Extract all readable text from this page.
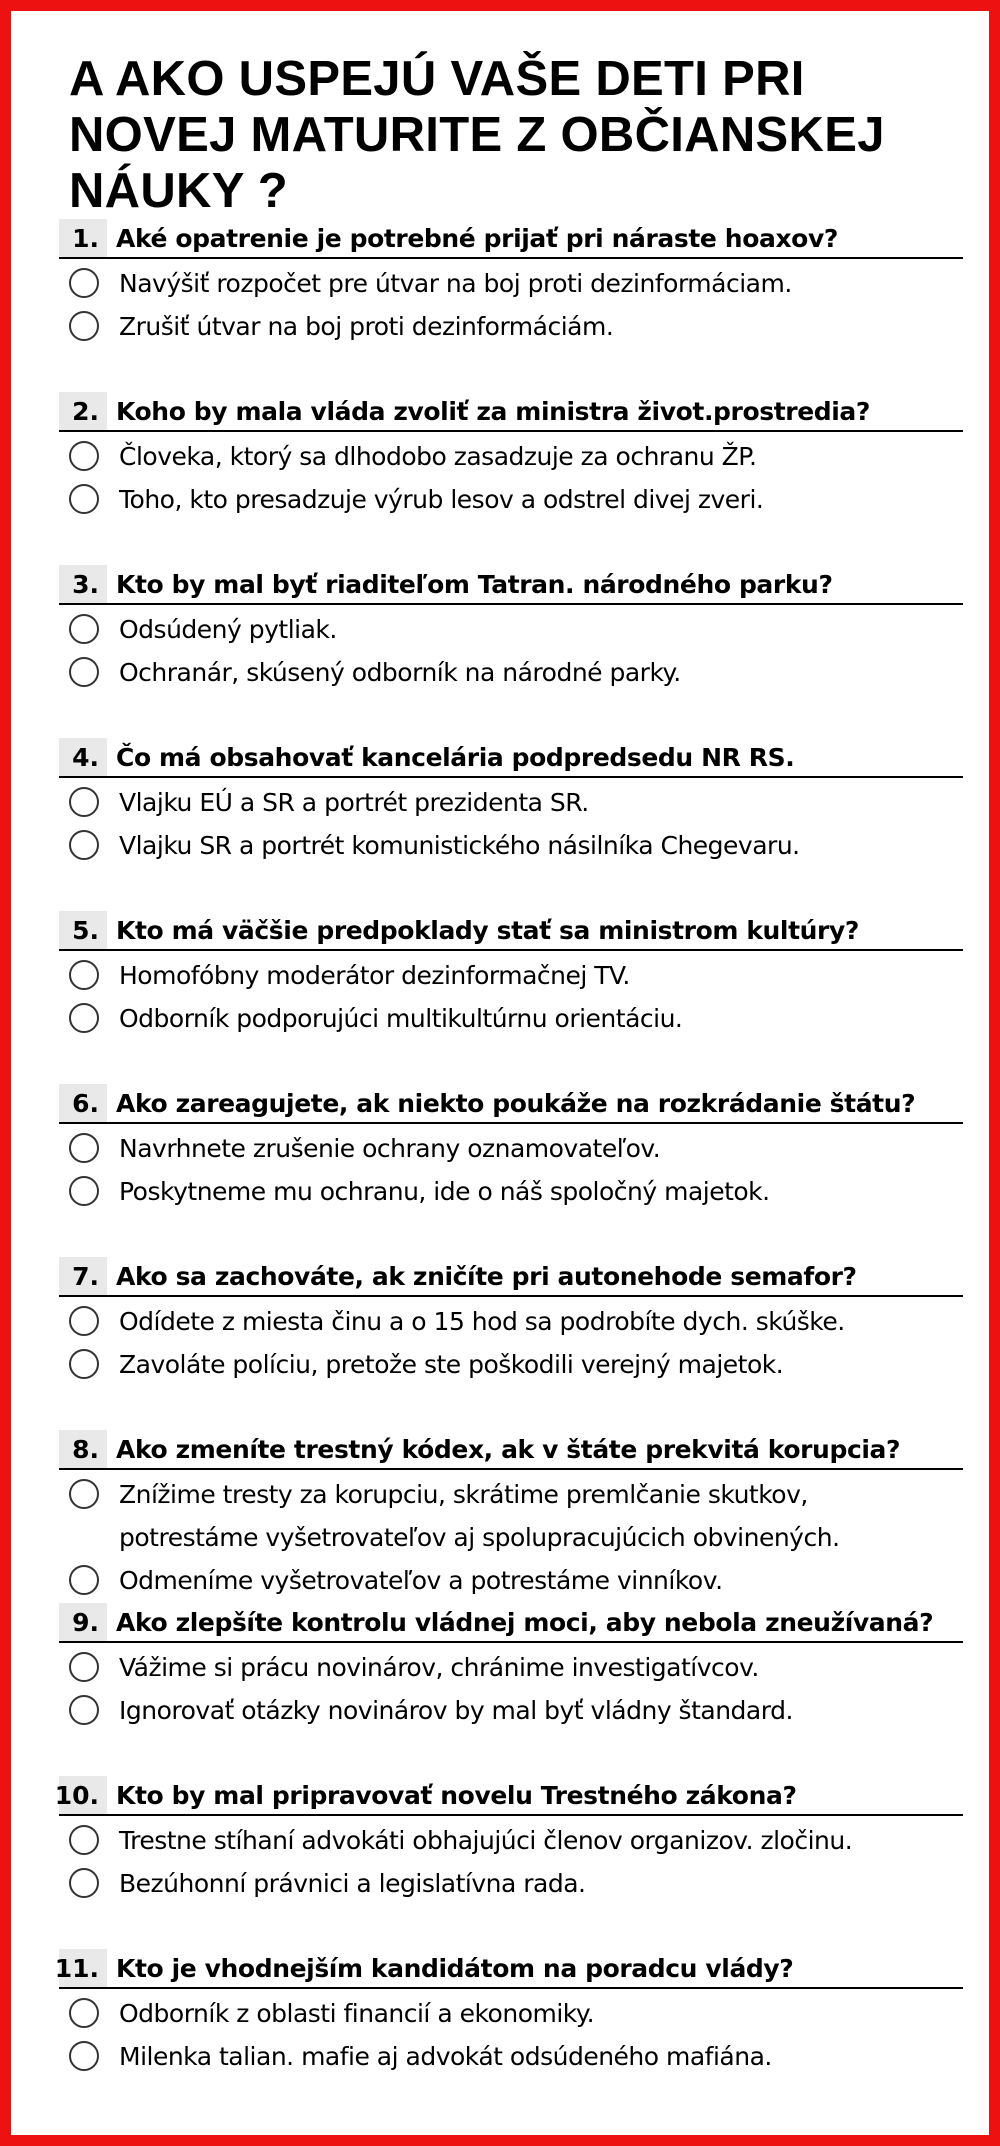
A AKO USPEJÚ VAŠE DETI PRI NOVEJ MATURITE Z OBČIANSKEJ NÁUKY ?
1. Aké opatrenie je potrebné prijať pri náraste hoaxov?
Navýšiť rozpočet pre útvar na boj proti dezinformáciam.
Zrušiť útvar na boj proti dezinformáciám.
2. Koho by mala vláda zvoliť za ministra život.prostredia?
Človeka, ktorý sa dlhodobo zasadzuje za ochranu ŽP.
Toho, kto presadzuje výrub lesov a odstrel divej zveri.
3. Kto by mal byť riaditeľom Tatran. národného parku?
Odsúdený pytliak.
Ochranár, skúsený odborník na národné parky.
4. Čo má obsahovať kancelária podpredsedu NR RS.
Vlajku EÚ a SR a portrét prezidenta SR.
Vlajku SR a portrét komunistického násilníka Chegevaru.
5. Kto má väčšie predpoklady stať sa ministrom kultúry?
Homofóbny moderátor dezinformačnej TV.
Odborník podporujúci multikultúrnu orientáciu.
6. Ako zareagujete, ak niekto poukáže na rozkrádanie štátu?
Navrhnete zrušenie ochrany oznamovateľov.
Poskytneme mu ochranu, ide o náš spoločný majetok.
7. Ako sa zachováte, ak zničíte pri autonehode semafor?
Odídete z miesta činu a o 15 hod sa podrobíte dych. skúške.
Zavoláte políciu, pretože ste poškodili verejný majetok.
8. Ako zmeníte trestný kódex, ak v štáte prekvitá korupcia?
Znížime tresty za korupciu, skrátime premlčanie skutkov,
potrestáme vyšetrovateľov aj spolupracujúcich obvinených.
Odmeníme vyšetrovateľov a potrestáme vinníkov.
9. Ako zlepšíte kontrolu vládnej moci, aby nebola zneužívaná?
Vážime si prácu novinárov, chránime investigatívcov.
Ignorovať otázky novinárov by mal byť vládny štandard.
10. Kto by mal pripravovať novelu Trestného zákona?
Trestne stíhaní advokáti obhajujúci členov organizov. zločinu.
Bezúhonní právnici a legislatívna rada.
11. Kto je vhodnejším kandidátom na poradcu vlády?
Odborník z oblasti financií a ekonomiky.
Milenka talian. mafie aj advokát odsúdeného mafiána.
